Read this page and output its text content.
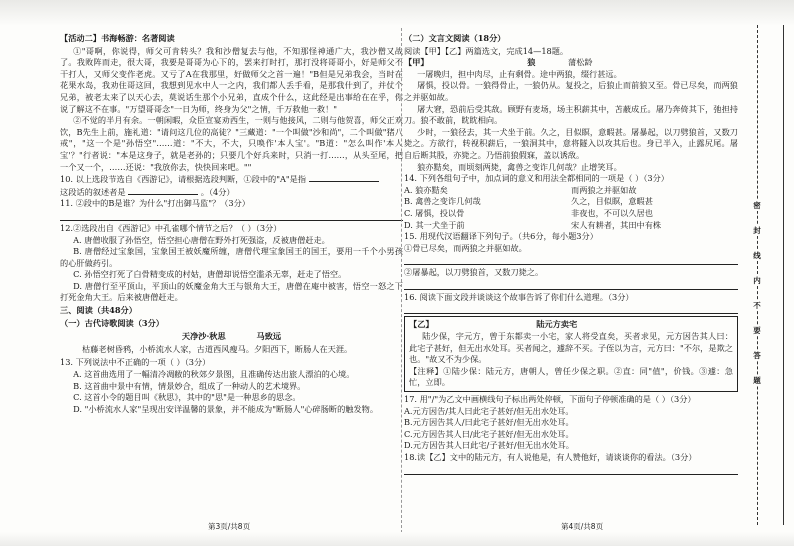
【活动二】书海畅游：名著阅读

①"哥啊，你说得，师父可肯转头？我和沙僧复去与他，不知那怪神通广大，我沙僧又战了。我败阵而走，很大哥，我要是哥哥为心下的，罢来打时打，那打没将哥哥小，好是师父不干打人，又师父变作老虎。又亏了A在我那里，好做师父之首一遍！"B但是兄弟我会，当时在花果水岛，我劝住哥这回，我想到见水中人一之内，我们都人丢手看，是那我什到了，并仗个兄弟，被老太来了以天心去，莫说话生那个小兄弟，直成个什么，这此经是出事给在在乎，你说了解这不在事。"万望哥哥念"一日为师，终身为父"之情，千万救他一救！"

②不觉的半月有余。一朝闲暇，众臣宣宴劝西生，一则与他接风，二则与他贺喜，师父正欢饮，B先生上前，施礼道："请问这几位的高徒？"三藏道："一个叫做"沙和尚"，二个叫做"猪八戒"，"这一个是"孙悟空"……道："不大，不大，只唤作'本人宝'。"B道："怎么叫作'本人宝'？"行者说："本是这身子，就是老孙的；只要几个好兵来时，只消一打……，从头至尾，把一个又一个，……还说："我放你去，快快回来吧。""

10. 以上选段节选自《西游记》，请根据选段判断，①段中的"A"是指

这段话的叙述者是	。（4分）

11. ②段中的B是谁？为什么"打出御马监"？（3分）

12.②选段出自《西游记》中孔雀哪个情节之后？（ ）（3分）

A. 唐僧收服了孙悟空，悟空担心唐僧在野外打死强盗，反被唐僧赶走。

B. 唐僧经过宝象国，宝象国王被妖魔所缠，唐僧代理宝象国王的国王，要用一千个小男孩的心肝做药引。

C. 孙悟空打死了白骨精变成的村姑，唐僧却说悟空滥杀无辜，赶走了悟空。

D. 唐僧行至平顶山，平顶山的妖魔金角大王与银角大王，唐僧在庵中被害，悟空一怒之下打死金角大王。后来被唐僧赶走。

三、阅读（共48分）

（一）古代诗歌阅读（3分）

天净沙·秋思	马致远

枯藤老树昏鸦，小桥流水人家，古道西风瘦马。夕阳西下，断肠人在天涯。

13. 下列说法中不正确的一项（ ）（3分）

A. 这首曲选用了一幅清冷凋敝的秋郊夕景图，且准确传达出旅人漂泊的心境。

B. 这首曲中景中有情，情景妙合，组成了一种动人的艺术境界。

C. 这首小令的题目叫《秋思》，其中的"思"是一种思乡的思念。

D. "小桥流水人家"呈现出安详温馨的景象，并不能成为"断肠人"心碎肠断的触发物。

（二）文言文阅读（18分）

阅读【甲】【乙】两篇选文，完成14—18题。

【甲】	狼	蒲松龄

一屠晚归，担中肉尽，止有剩骨。途中两狼，缀行甚远。

屠惧，投以骨。一狼得骨止，一狼仍从。复投之，后狼止而前狼又至。骨已尽矣，而两狼之并驱如故。

屠大窘，恐前后受其敌。顾野有麦场，场主积薪其中，苫蔽成丘。屠乃奔倚其下，弛担持刀。狼不敢前，眈眈相向。

少时，一狼径去，其一犬坐于前。久之，目似瞑，意暇甚。屠暴起，以刀劈狼首，又数刀毙之。方欲行，转视积薪后，一狼洞其中，意将隧入以攻其后也。身已半入，止露尻尾。屠自后断其股，亦毙之。乃悟前狼假寐，盖以诱敌。

狼亦黠矣，而顷刻两毙，禽兽之变诈几何哉？止增笑耳。

14. 下列各组句子中，加点词的意义和用法全都相同的一项是（ ）（3分）

A. 狼亦黠矣	而两狼之并驱如故
B. 禽兽之变诈几何哉	久之，目似瞑，意暇甚
C. 屠惧，投以骨	非夜也，不可以久居也
D. 其一犬坐于前	宋人有耕者，其田中有株

15. 用现代汉语翻译下列句子。（共6分，每小题3分）

①骨已尽矣，而两狼之并驱如故。

②屠暴起，以刀劈狼首，又数刀毙之。

16. 阅读下面文段并谈谈这个故事告诉了你们什么道理。（3分）

【乙】	陆元方卖宅

陆少保，字元方，曾于东都卖一小宅，家人将受直矣，买者求见，元方因告其人曰：此宅子甚好，但无出水处耳。买者闻之，遽辞不买。子侄以为言，元方曰："不尔，是欺之也。"故又不为少保。

【注释】①陆少保：陆元方，唐朝人，曾任少保之职。②直：同"值"，价钱。③遽：急忙，立即。

17. 用"/"为乙文中画横线句子标出两处停顿，下面句子停顿准确的是（ ）（3分）

A.元方因告/其人曰此宅子甚好/但无出水处耳。

B.元方因告其人/曰此宅子甚好/但无出水处耳。

C.元方因告其人曰/此宅子甚好/但无出水处耳。

D.元方因告其人曰此宅/子甚好/但无出水处耳。

18.读【乙】文中的陆元方，有人说他是，有人赞他好，请谈谈你的看法。（3分）

第3页/共8页	第4页/共8页
密
封
线
内
不
要
答
题
